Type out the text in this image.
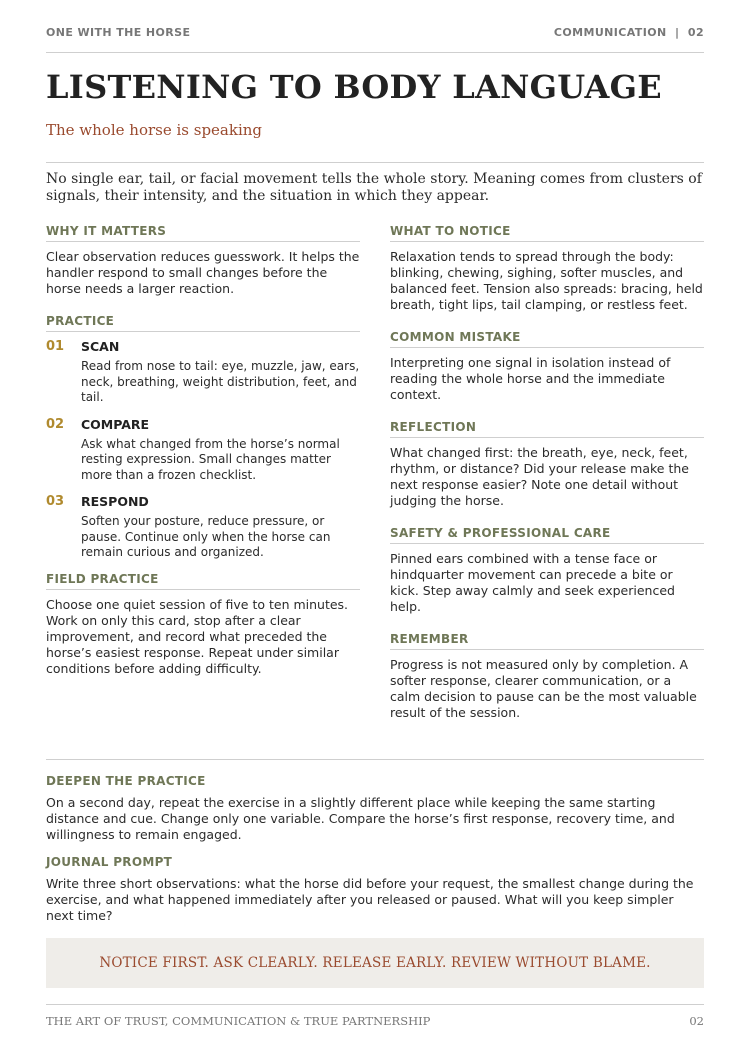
ONE WITH THE HORSE	COMMUNICATION  |  02
LISTENING TO BODY LANGUAGE
The whole horse is speaking

No single ear, tail, or facial movement tells the whole story. Meaning comes from clusters of signals, their intensity, and the situation in which they appear.

WHY IT MATTERS

Clear observation reduces guesswork. It helps the handler respond to small changes before the horse needs a larger reaction.

PRACTICE
01	SCAN

Read from nose to tail: eye, muzzle, jaw, ears, neck, breathing, weight distribution, feet, and tail.

02	COMPARE

Ask what changed from the horse’s normal resting expression. Small changes matter more than a frozen checklist.

03	RESPOND

Soften your posture, reduce pressure, or pause. Continue only when the horse can remain curious and organized.

FIELD PRACTICE

Choose one quiet session of five to ten minutes. Work on only this card, stop after a clear improvement, and record what preceded the horse’s easiest response. Repeat under similar conditions before adding difficulty.

WHAT TO NOTICE

Relaxation tends to spread through the body: blinking, chewing, sighing, softer muscles, and balanced feet. Tension also spreads: bracing, held breath, tight lips, tail clamping, or restless feet.

COMMON MISTAKE

Interpreting one signal in isolation instead of reading the whole horse and the immediate context.

REFLECTION

What changed first: the breath, eye, neck, feet, rhythm, or distance? Did your release make the next response easier? Note one detail without judging the horse.

SAFETY & PROFESSIONAL CARE

Pinned ears combined with a tense face or hindquarter movement can precede a bite or kick. Step away calmly and seek experienced help.

REMEMBER

Progress is not measured only by completion. A softer response, clearer communication, or a calm decision to pause can be the most valuable result of the session.

DEEPEN THE PRACTICE

On a second day, repeat the exercise in a slightly different place while keeping the same starting distance and cue. Change only one variable. Compare the horse’s first response, recovery time, and willingness to remain engaged.

JOURNAL PROMPT

Write three short observations: what the horse did before your request, the smallest change during the exercise, and what happened immediately after you released or paused. What will you keep simpler next time?

NOTICE FIRST. ASK CLEARLY. RELEASE EARLY. REVIEW WITHOUT BLAME.
THE ART OF TRUST, COMMUNICATION & TRUE PARTNERSHIP	02
